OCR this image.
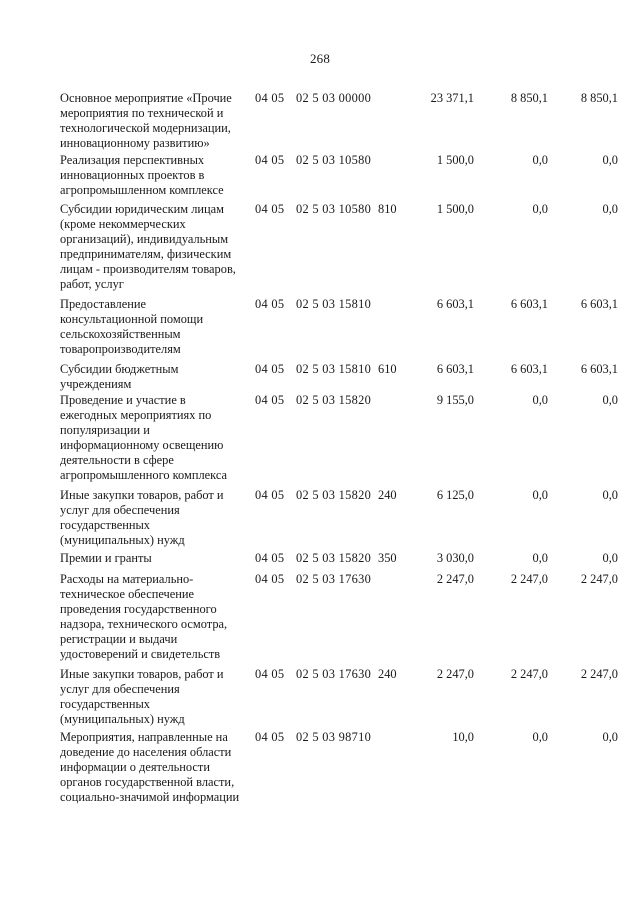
268
Основное мероприятие «Прочие
мероприятия по технической и
технологической модернизации,
инновационному развитию»
04 05 02 5 03 00000	23 371,1	8 850,1	8 850,1
Реализация перспективных
инновационных проектов в
агропромышленном комплексе
04 05 02 5 03 10580	1 500,0	0,0	0,0
Субсидии юридическим лицам
(кроме некоммерческих
организаций), индивидуальным
предпринимателям, физическим
лицам - производителям товаров,
работ, услуг
04 05 02 5 03 10580 810	1 500,0	0,0	0,0
Предоставление
консультационной помощи
сельскохозяйственным
товаропроизводителям
04 05 02 5 03 15810	6 603,1	6 603,1	6 603,1
Субсидии бюджетным
учреждениям
04 05 02 5 03 15810 610	6 603,1	6 603,1	6 603,1
Проведение и участие в
ежегодных мероприятиях по
популяризации и
информационному освещению
деятельности в сфере
агропромышленного комплекса
04 05 02 5 03 15820	9 155,0	0,0	0,0
Иные закупки товаров, работ и
услуг для обеспечения
государственных
(муниципальных) нужд
04 05 02 5 03 15820 240	6 125,0	0,0	0,0
Премии и гранты	04 05 02 5 03 15820 350	3 030,0	0,0	0,0
Расходы на материально-
техническое обеспечение
проведения государственного
надзора, технического осмотра,
регистрации и выдачи
удостоверений и свидетельств
04 05 02 5 03 17630	2 247,0	2 247,0	2 247,0
Иные закупки товаров, работ и
услуг для обеспечения
государственных
(муниципальных) нужд
04 05 02 5 03 17630 240	2 247,0	2 247,0	2 247,0
Мероприятия, направленные на
доведение до населения области
информации о деятельности
органов государственной власти,
социально-значимой информации
04 05 02 5 03 98710	10,0	0,0	0,0
